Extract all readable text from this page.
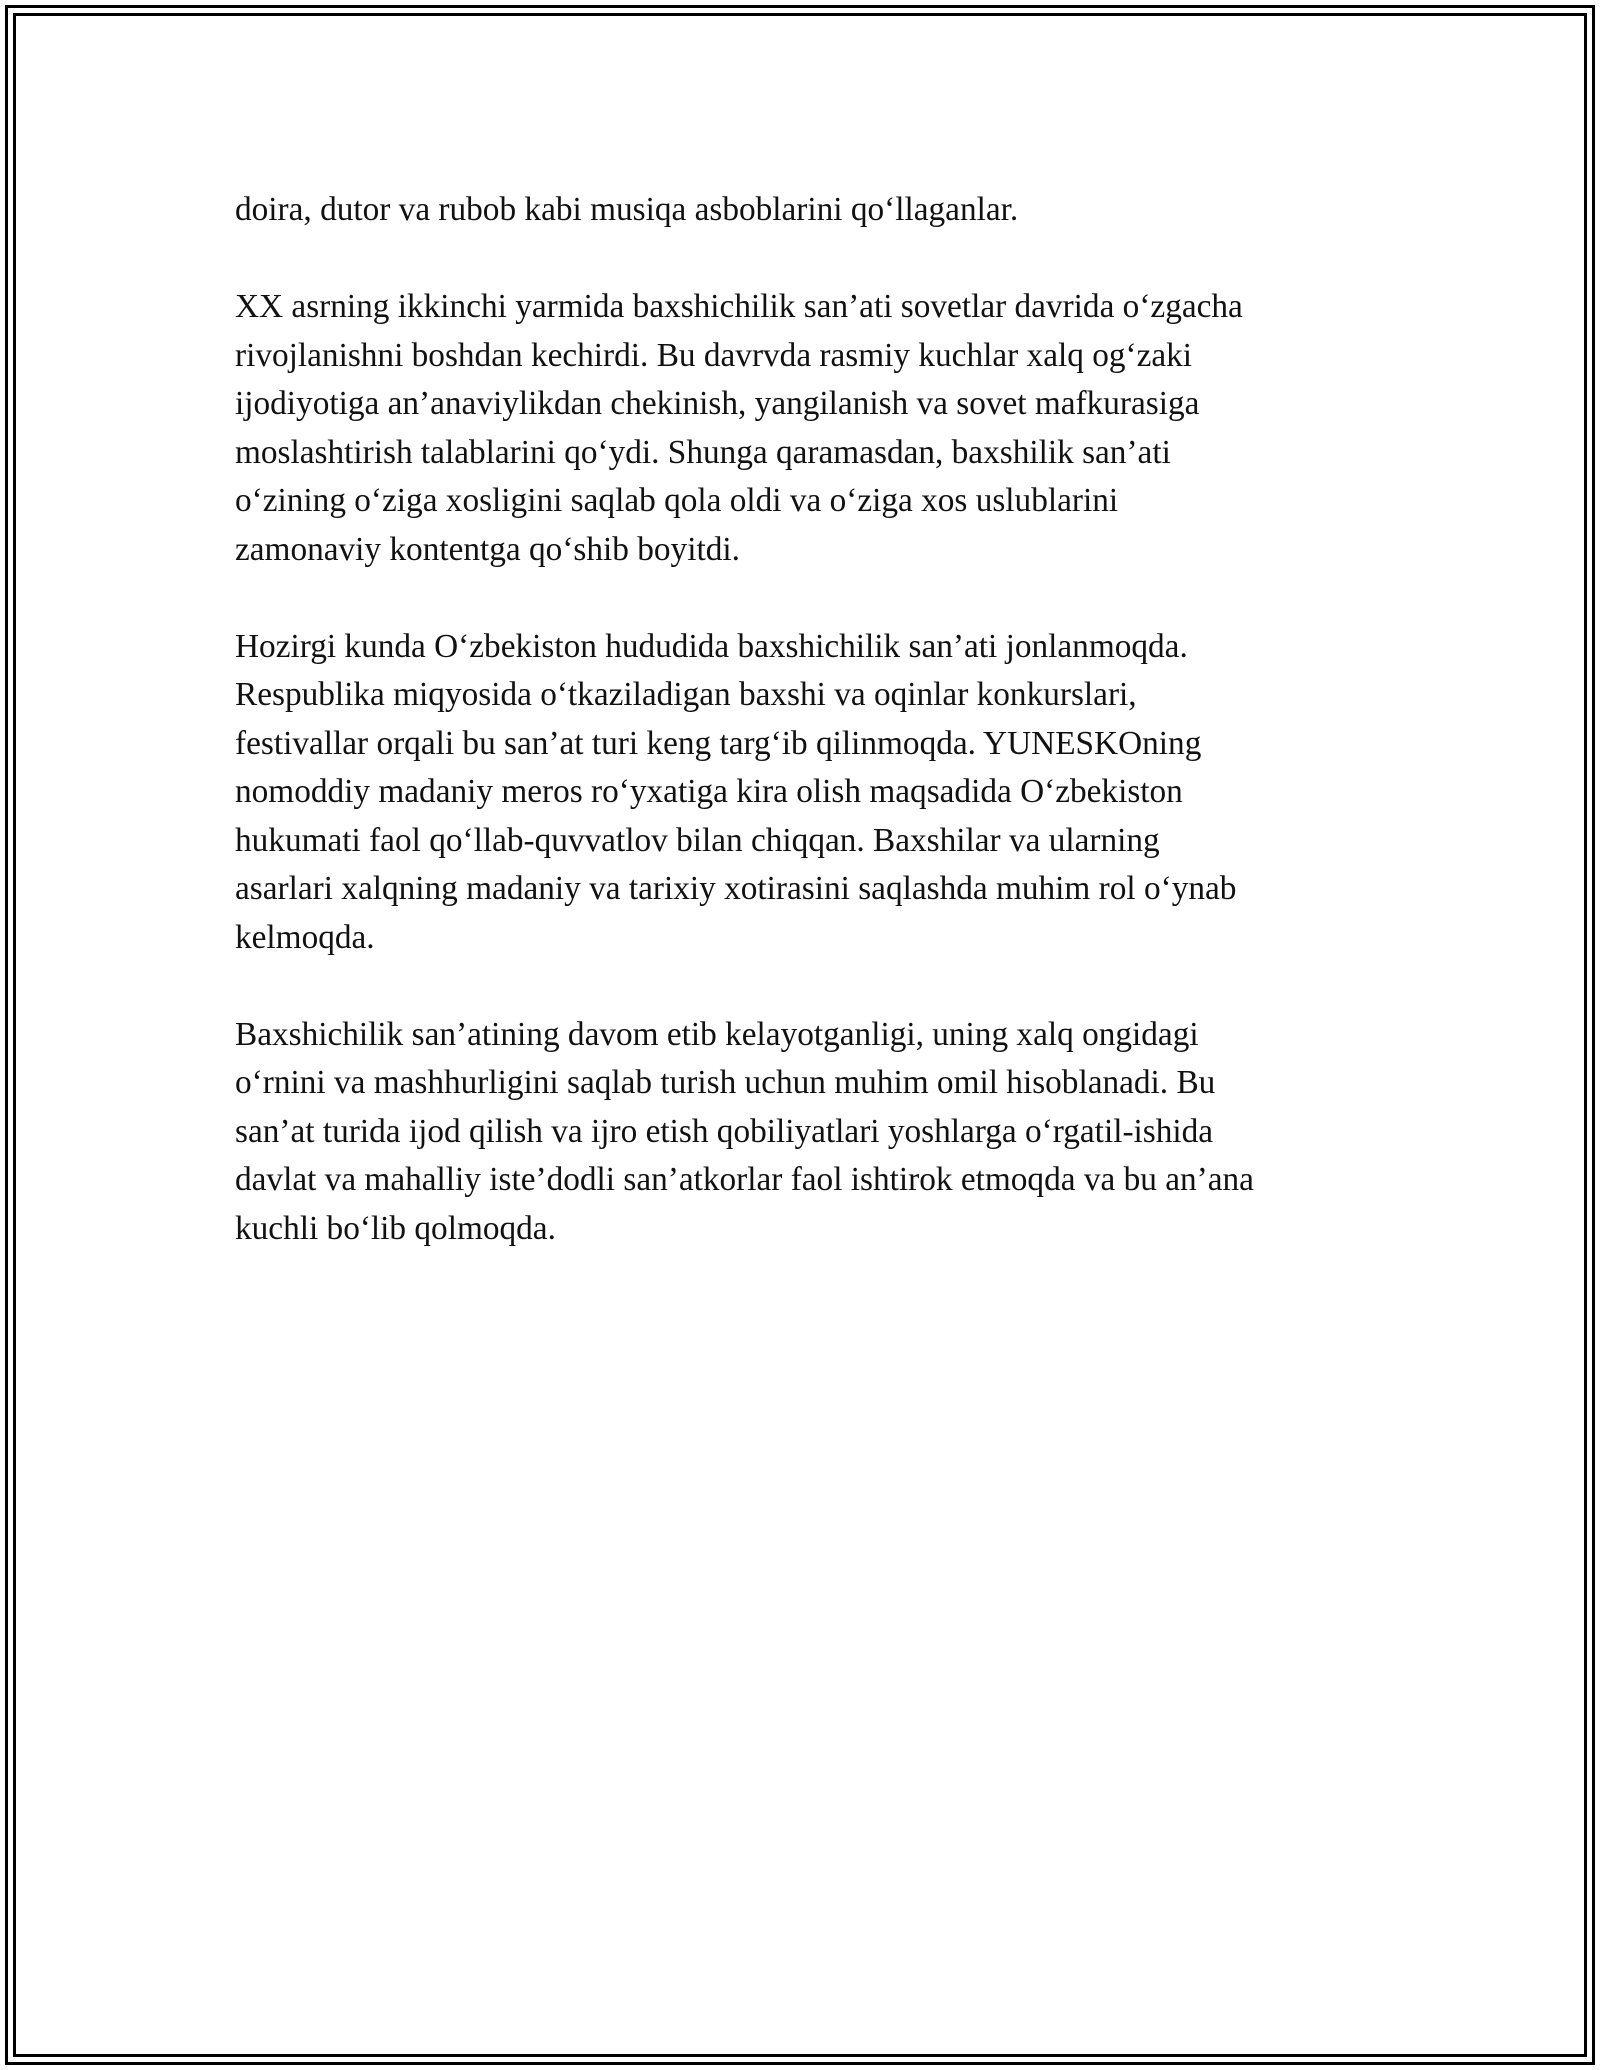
doira, dutor va rubob kabi musiqa asboblarini qo‘llaganlar.

XX asrning ikkinchi yarmida baxshichilik san’ati sovetlar davrida o‘zgacha
rivojlanishni boshdan kechirdi. Bu davrvda rasmiy kuchlar xalq og‘zaki
ijodiyotiga an’anaviylikdan chekinish, yangilanish va sovet mafkurasiga
moslashtirish talablarini qo‘ydi. Shunga qaramasdan, baxshilik san’ati
o‘zining o‘ziga xosligini saqlab qola oldi va o‘ziga xos uslublarini
zamonaviy kontentga qo‘shib boyitdi.

Hozirgi kunda O‘zbekiston hududida baxshichilik san’ati jonlanmoqda.
Respublika miqyosida o‘tkaziladigan baxshi va oqinlar konkurslari,
festivallar orqali bu san’at turi keng targ‘ib qilinmoqda. YUNESKOning
nomoddiy madaniy meros ro‘yxatiga kira olish maqsadida O‘zbekiston
hukumati faol qo‘llab-quvvatlov bilan chiqqan. Baxshilar va ularning
asarlari xalqning madaniy va tarixiy xotirasini saqlashda muhim rol o‘ynab
kelmoqda.

Baxshichilik san’atining davom etib kelayotganligi, uning xalq ongidagi
o‘rnini va mashhurligini saqlab turish uchun muhim omil hisoblanadi. Bu
san’at turida ijod qilish va ijro etish qobiliyatlari yoshlarga o‘rgatil-ishida
davlat va mahalliy iste’dodli san’atkorlar faol ishtirok etmoqda va bu an’ana
kuchli bo‘lib qolmoqda.
